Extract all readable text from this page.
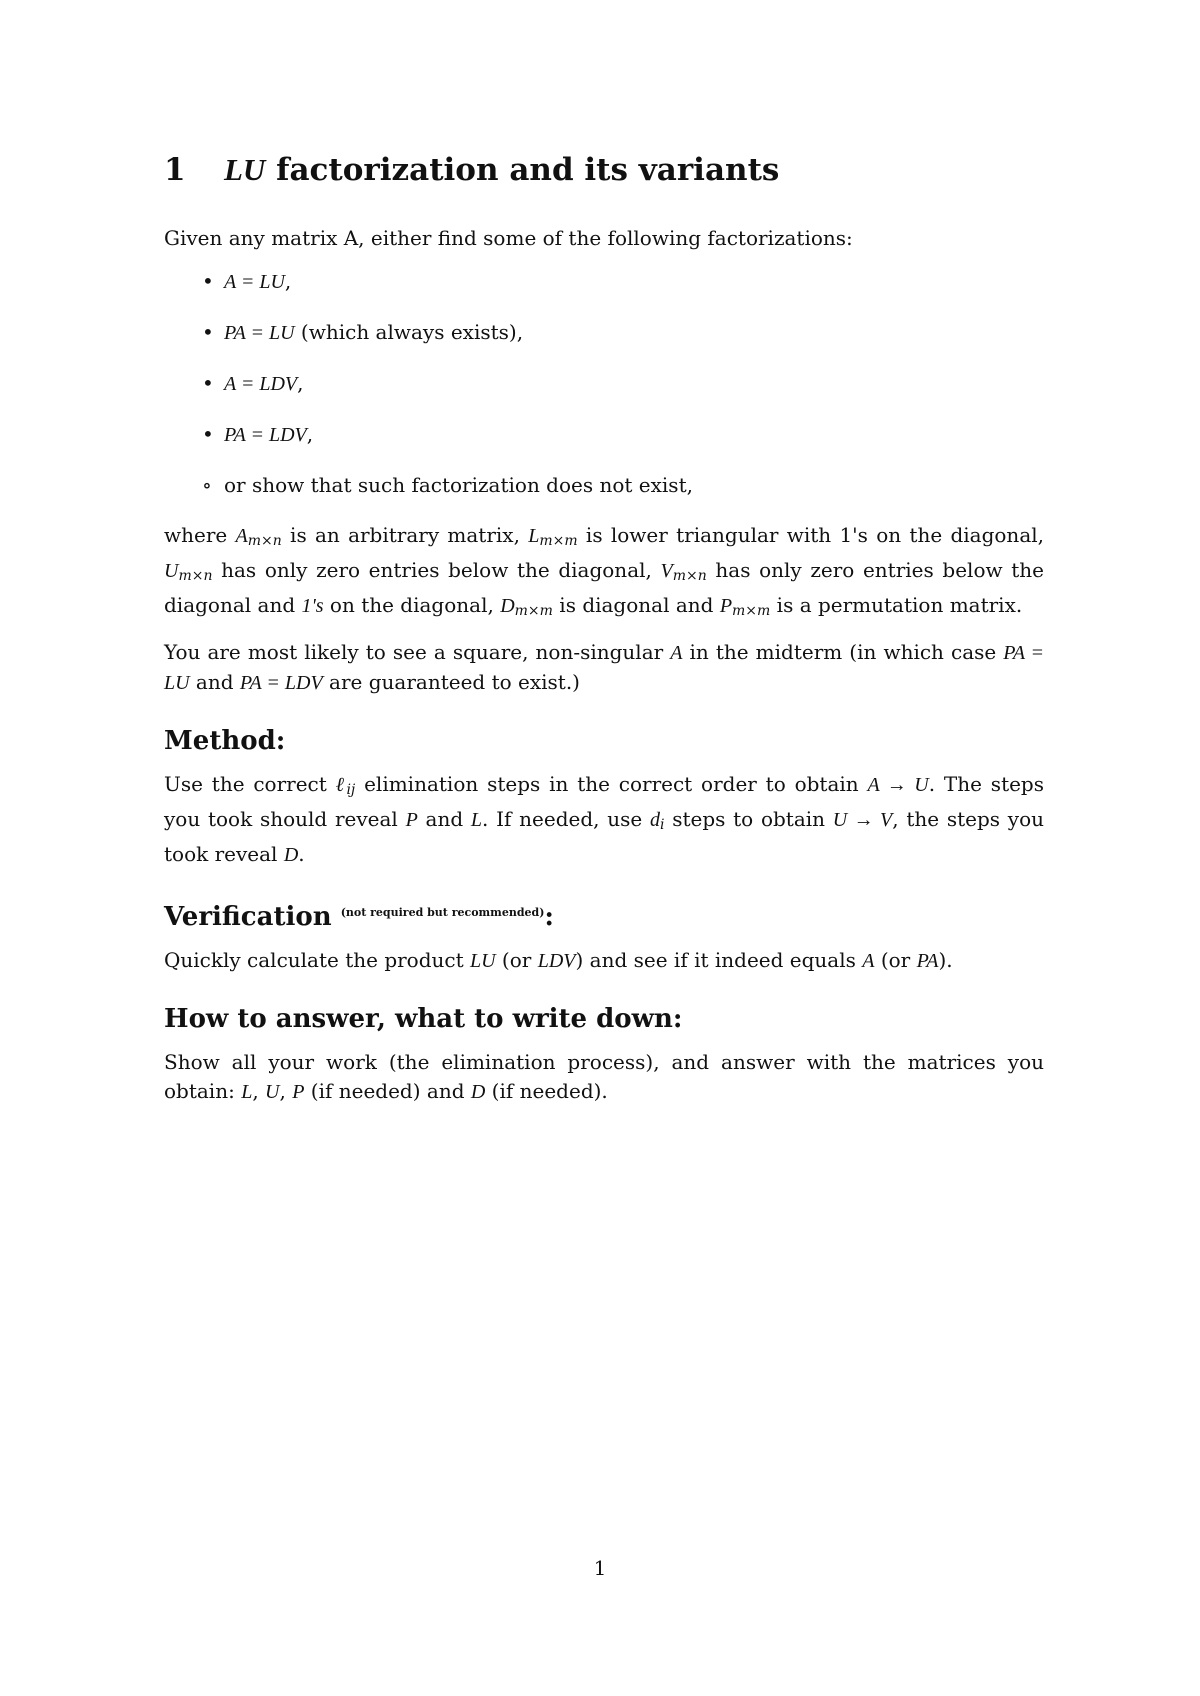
1 LU factorization and its variants

Given any matrix A, either find some of the following factorizations:

• A = LU,
• PA = LU (which always exists),
• A = LDV,
• PA = LDV,
∘ or show that such factorization does not exist,

where $A_{m\times n}$ is an arbitrary matrix, $L_{m\times m}$ is lower triangular with 1's on the diagonal, $U_{m\times n}$ has only zero entries below the diagonal, $V_{m\times n}$ has only zero entries below the diagonal and 1's on the diagonal, $D_{m\times m}$ is diagonal and $P_{m\times m}$ is a permutation matrix.

You are most likely to see a square, non-singular A in the midterm (in which case PA = LU and PA = LDV are guaranteed to exist.)

Method:

Use the correct ℓ$_{ij}$ elimination steps in the correct order to obtain A → U. The steps you took should reveal P and L. If needed, use $d_i$ steps to obtain U → V, the steps you took reveal D.

Verification $^{(not required but recommended)}$:

Quickly calculate the product LU (or LDV) and see if it indeed equals A (or PA).

How to answer, what to write down:

Show all your work (the elimination process), and answer with the matrices you obtain: L, U, P (if needed) and D (if needed).

1
